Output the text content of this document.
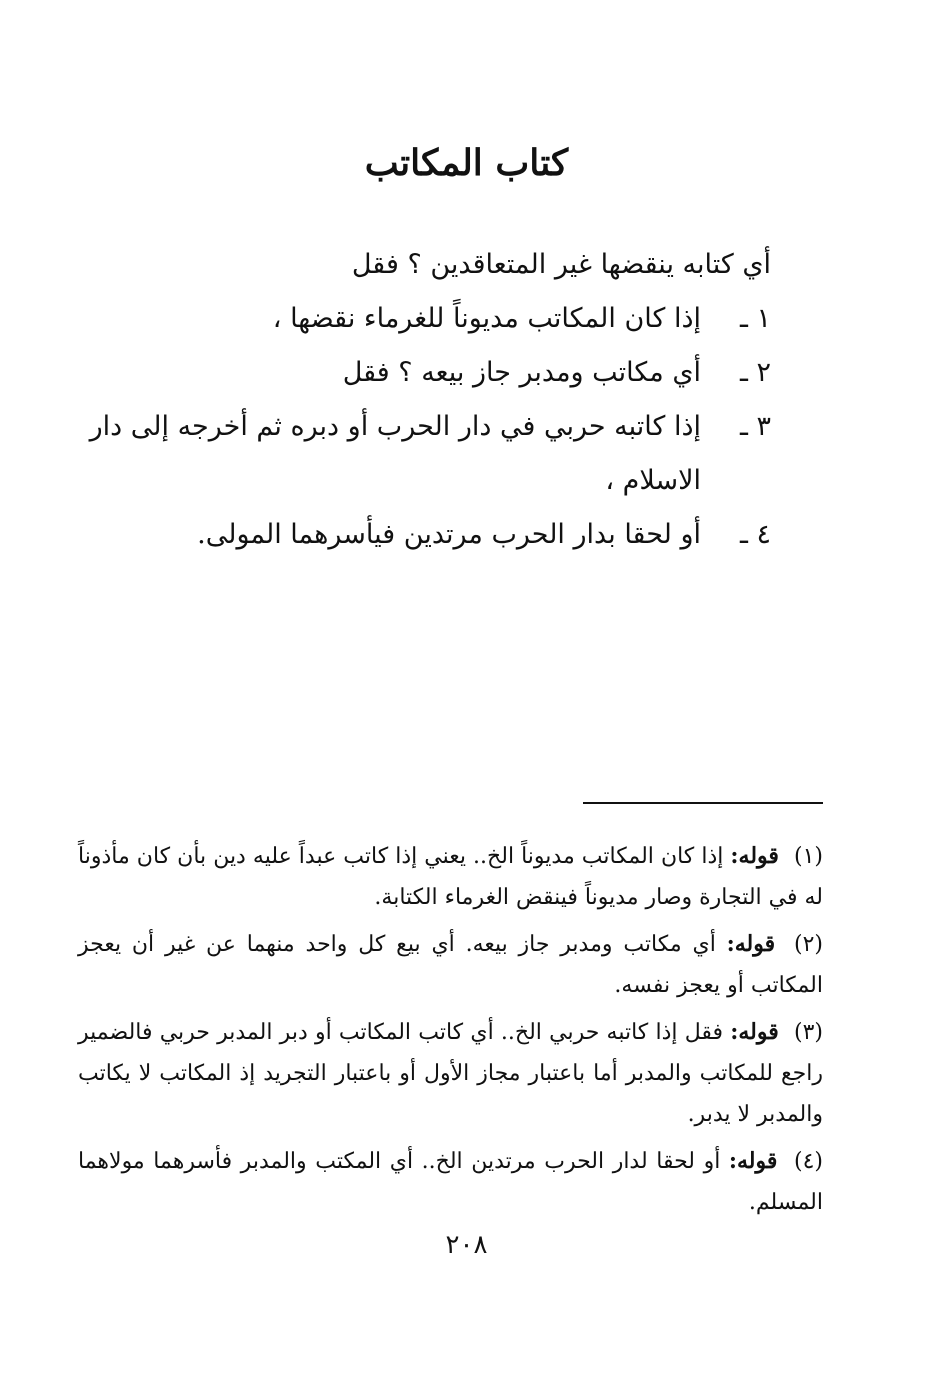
كتاب المكاتب

أي كتابه ينقضها غير المتعاقدين ؟ فقل

١ ـ
إذا كان المكاتب مديوناً للغرماء نقضها ،

٢ ـ
أي مكاتب ومدبر جاز بيعه ؟ فقل

٣ ـ
إذا كاتبه حربي في دار الحرب أو دبره ثم أخرجه إلى دار الاسلام ،

٤ ـ
أو لحقا بدار الحرب مرتدين فيأسرهما المولى.

(١) قوله: إذا كان المكاتب مديوناً الخ.. يعني إذا كاتب عبداً عليه دين بأن كان مأذوناً له في التجارة وصار مديوناً فينقض الغرماء الكتابة.

(٢) قوله: أي مكاتب ومدبر جاز بيعه. أي بيع كل واحد منهما عن غير أن يعجز المكاتب أو يعجز نفسه.

(٣) قوله: فقل إذا كاتبه حربي الخ.. أي كاتب المكاتب أو دبر المدبر حربي فالضمير راجع للمكاتب والمدبر أما باعتبار مجاز الأول أو باعتبار التجريد إذ المكاتب لا يكاتب والمدبر لا يدبر.

(٤) قوله: أو لحقا لدار الحرب مرتدين الخ.. أي المكتب والمدبر فأسرهما مولاهما المسلم.

٢٠٨
